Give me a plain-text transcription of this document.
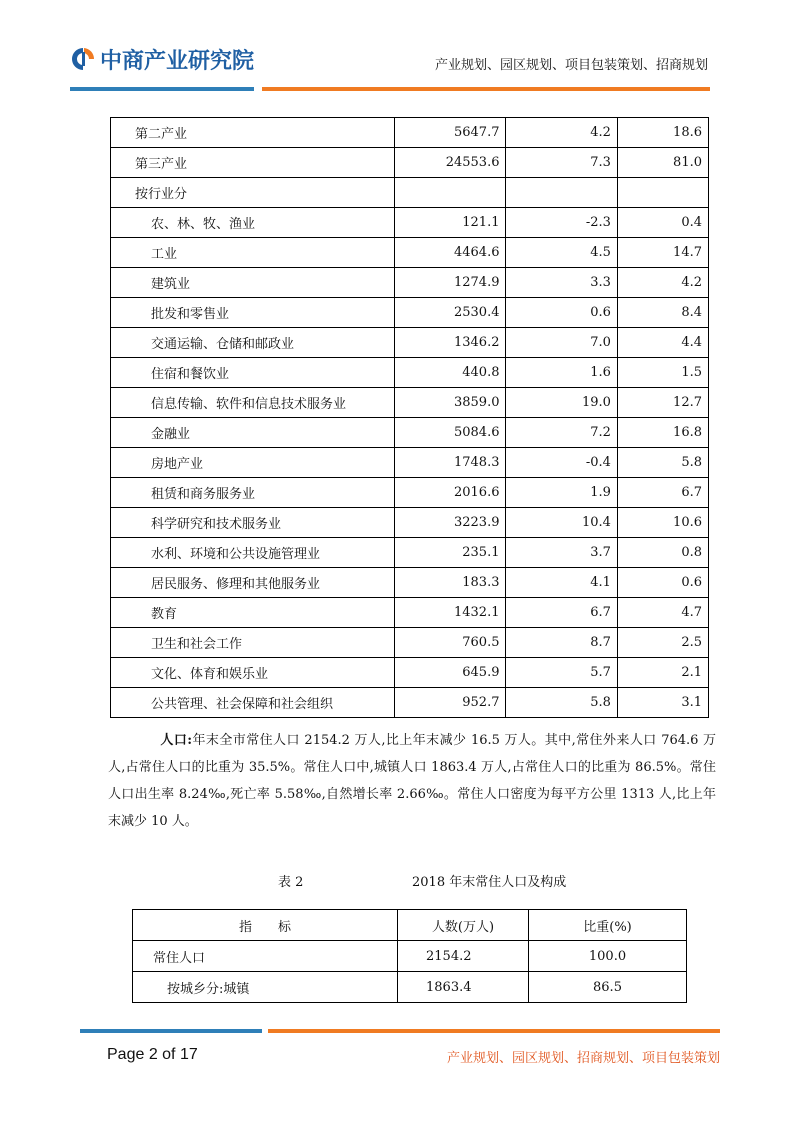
中商产业研究院	产业规划、园区规划、项目包装策划、招商规划
第二产业	5647.7	4.2	18.6
第三产业	24553.6	7.3	81.0
按行业分			
农、林、牧、渔业	121.1	-2.3	0.4
工业	4464.6	4.5	14.7
建筑业	1274.9	3.3	4.2
批发和零售业	2530.4	0.6	8.4
交通运输、仓储和邮政业	1346.2	7.0	4.4
住宿和餐饮业	440.8	1.6	1.5
信息传输、软件和信息技术服务业	3859.0	19.0	12.7
金融业	5084.6	7.2	16.8
房地产业	1748.3	-0.4	5.8
租赁和商务服务业	2016.6	1.9	6.7
科学研究和技术服务业	3223.9	10.4	10.6
水利、环境和公共设施管理业	235.1	3.7	0.8
居民服务、修理和其他服务业	183.3	4.1	0.6
教育	1432.1	6.7	4.7
卫生和社会工作	760.5	8.7	2.5
文化、体育和娱乐业	645.9	5.7	2.1
公共管理、社会保障和社会组织	952.7	5.8	3.1
人口:年末全市常住人口 2154.2 万人,比上年末减少 16.5 万人。其中,常住外来人口 764.6 万人,占常住人口的比重为 35.5%。常住人口中,城镇人口 1863.4 万人,占常住人口的比重为 86.5%。常住人口出生率 8.24‰,死亡率 5.58‰,自然增长率 2.66‰。常住人口密度为每平方公里 1313 人,比上年末减少 10 人。
表 2	2018 年末常住人口及构成
指　　标	人数(万人)	比重(%)
常住人口	2154.2	100.0
按城乡分:城镇	1863.4	86.5
Page 2 of 17	产业规划、园区规划、招商规划、项目包装策划
